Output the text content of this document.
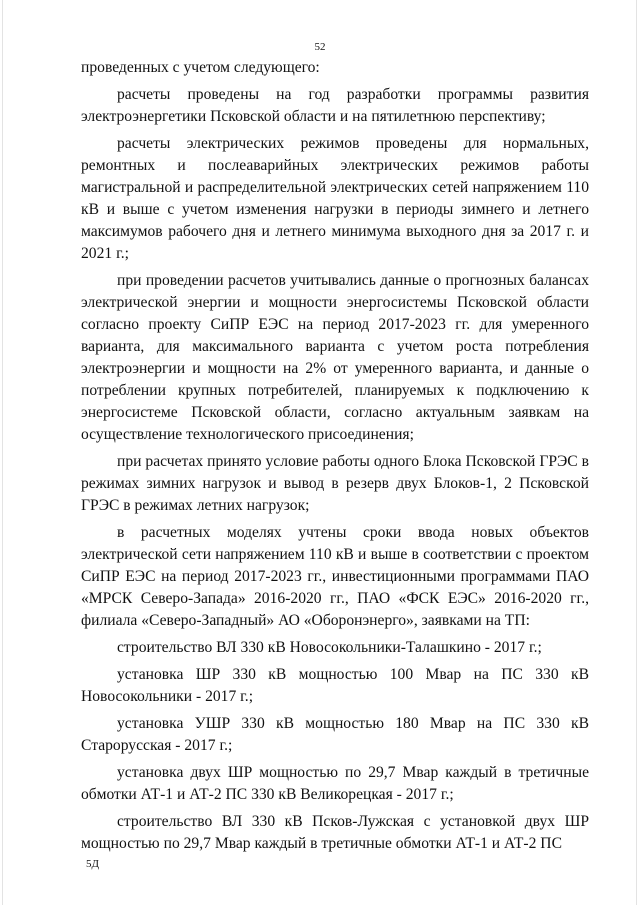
52

проведенных с учетом следующего:

расчеты проведены на год разработки программы развития электроэнергетики Псковской области и на пятилетнюю перспективу;

расчеты электрических режимов проведены для нормальных, ремонтных и послеаварийных электрических режимов работы магистральной и распределительной электрических сетей напряжением 110 кВ и выше с учетом изменения нагрузки в периоды зимнего и летнего максимумов рабочего дня и летнего минимума выходного дня за 2017 г. и 2021 г.;

при проведении расчетов учитывались данные о прогнозных балансах электрической энергии и мощности энергосистемы Псковской области согласно проекту СиПР ЕЭС на период 2017-2023 гг. для умеренного варианта, для максимального варианта с учетом роста потребления электроэнергии и мощности на 2% от умеренного варианта, и данные о потреблении крупных потребителей, планируемых к подключению к энергосистеме Псковской области, согласно актуальным заявкам на осуществление технологического присоединения;

при расчетах принято условие работы одного Блока Псковской ГРЭС в режимах зимних нагрузок и вывод в резерв двух Блоков-1, 2 Псковской ГРЭС в режимах летних нагрузок;

в расчетных моделях учтены сроки ввода новых объектов электрической сети напряжением 110 кВ и выше в соответствии с проектом СиПР ЕЭС на период 2017-2023 гг., инвестиционными программами ПАО «МРСК Северо-Запада» 2016-2020 гг., ПАО «ФСК ЕЭС» 2016-2020 гг., филиала «Северо-Западный» АО «Оборонэнерго», заявками на ТП:

строительство ВЛ 330 кВ Новосокольники-Талашкино - 2017 г.;

установка ШР 330 кВ мощностью 100 Мвар на ПС 330 кВ Новосокольники - 2017 г.;

установка УШР 330 кВ мощностью 180 Мвар на ПС 330 кВ Старорусская - 2017 г.;

установка двух ШР мощностью по 29,7 Мвар каждый в третичные обмотки АТ-1 и АТ-2 ПС 330 кВ Великорецкая - 2017 г.;

строительство ВЛ 330 кВ Псков-Лужская с установкой двух ШР мощностью по 29,7 Мвар каждый в третичные обмотки АТ-1 и АТ-2 ПС

5Д
